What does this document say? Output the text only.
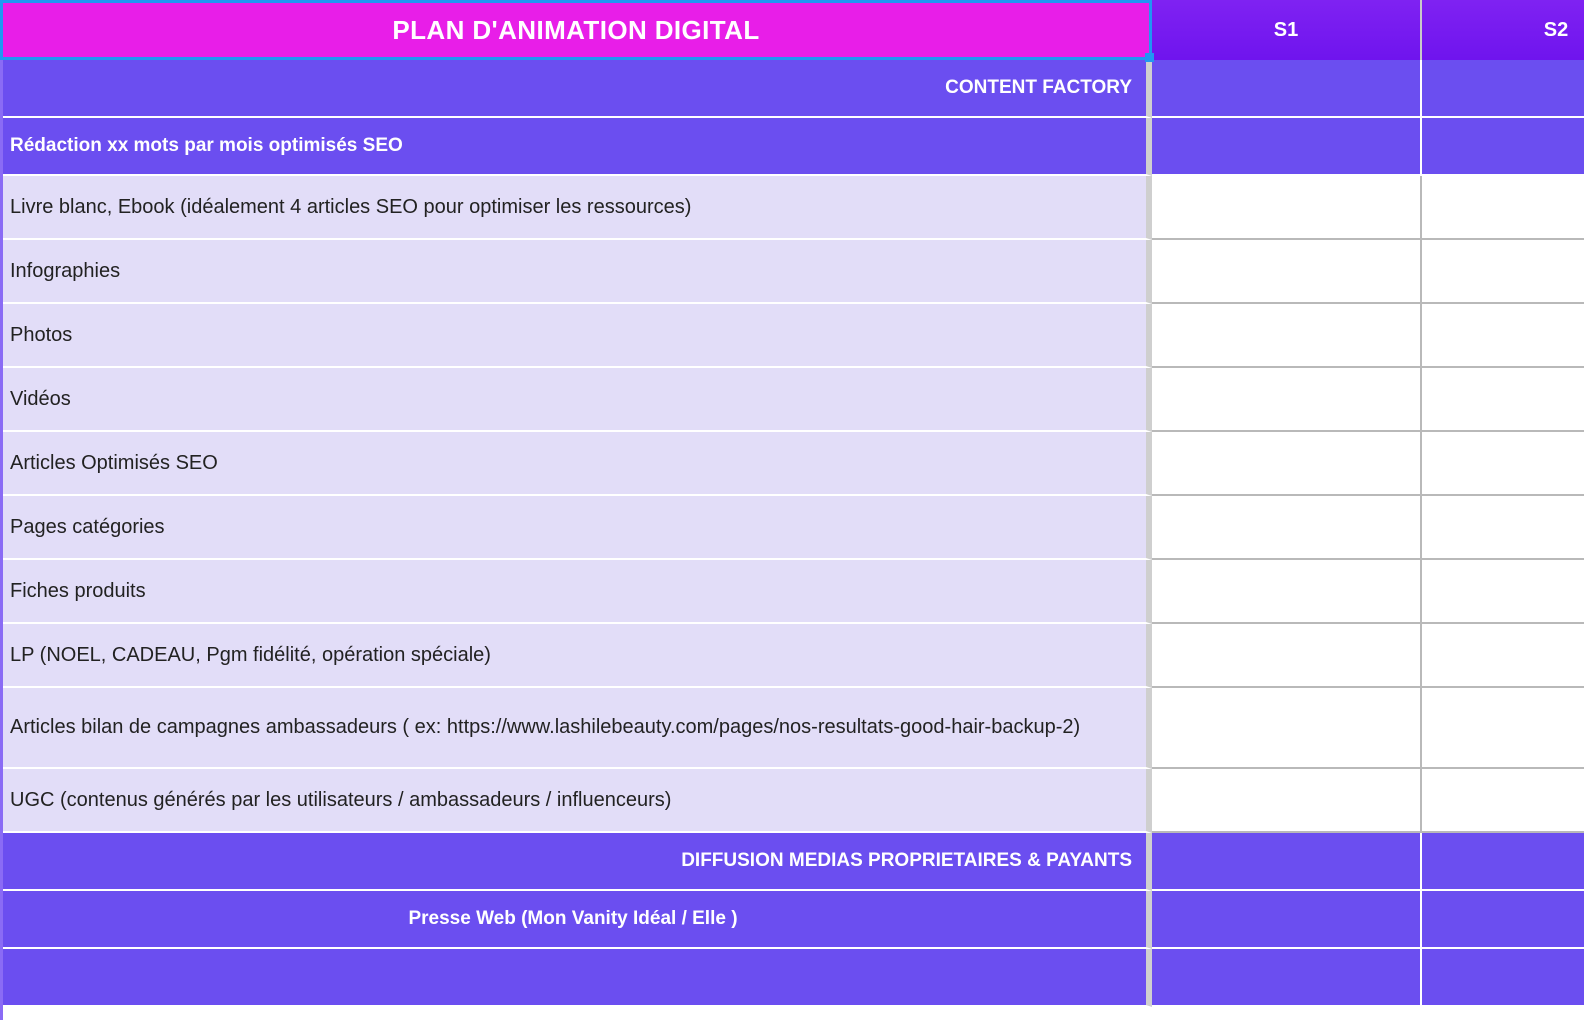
PLAN D'ANIMATION DIGITAL	S1	S2
CONTENT FACTORY		
Rédaction xx mots par mois optimisés SEO		
Livre blanc, Ebook (idéalement 4 articles SEO pour optimiser les ressources)		
Infographies		
Photos		
Vidéos		
Articles Optimisés SEO		
Pages catégories		
Fiches produits		
LP (NOEL, CADEAU, Pgm fidélité, opération spéciale)		
Articles bilan de campagnes ambassadeurs ( ex: https://www.lashilebeauty.com/pages/nos-resultats-good-hair-backup-2)		
UGC (contenus générés par les utilisateurs / ambassadeurs / influenceurs)		
DIFFUSION MEDIAS PROPRIETAIRES & PAYANTS		
Presse Web (Mon Vanity Idéal / Elle )		
